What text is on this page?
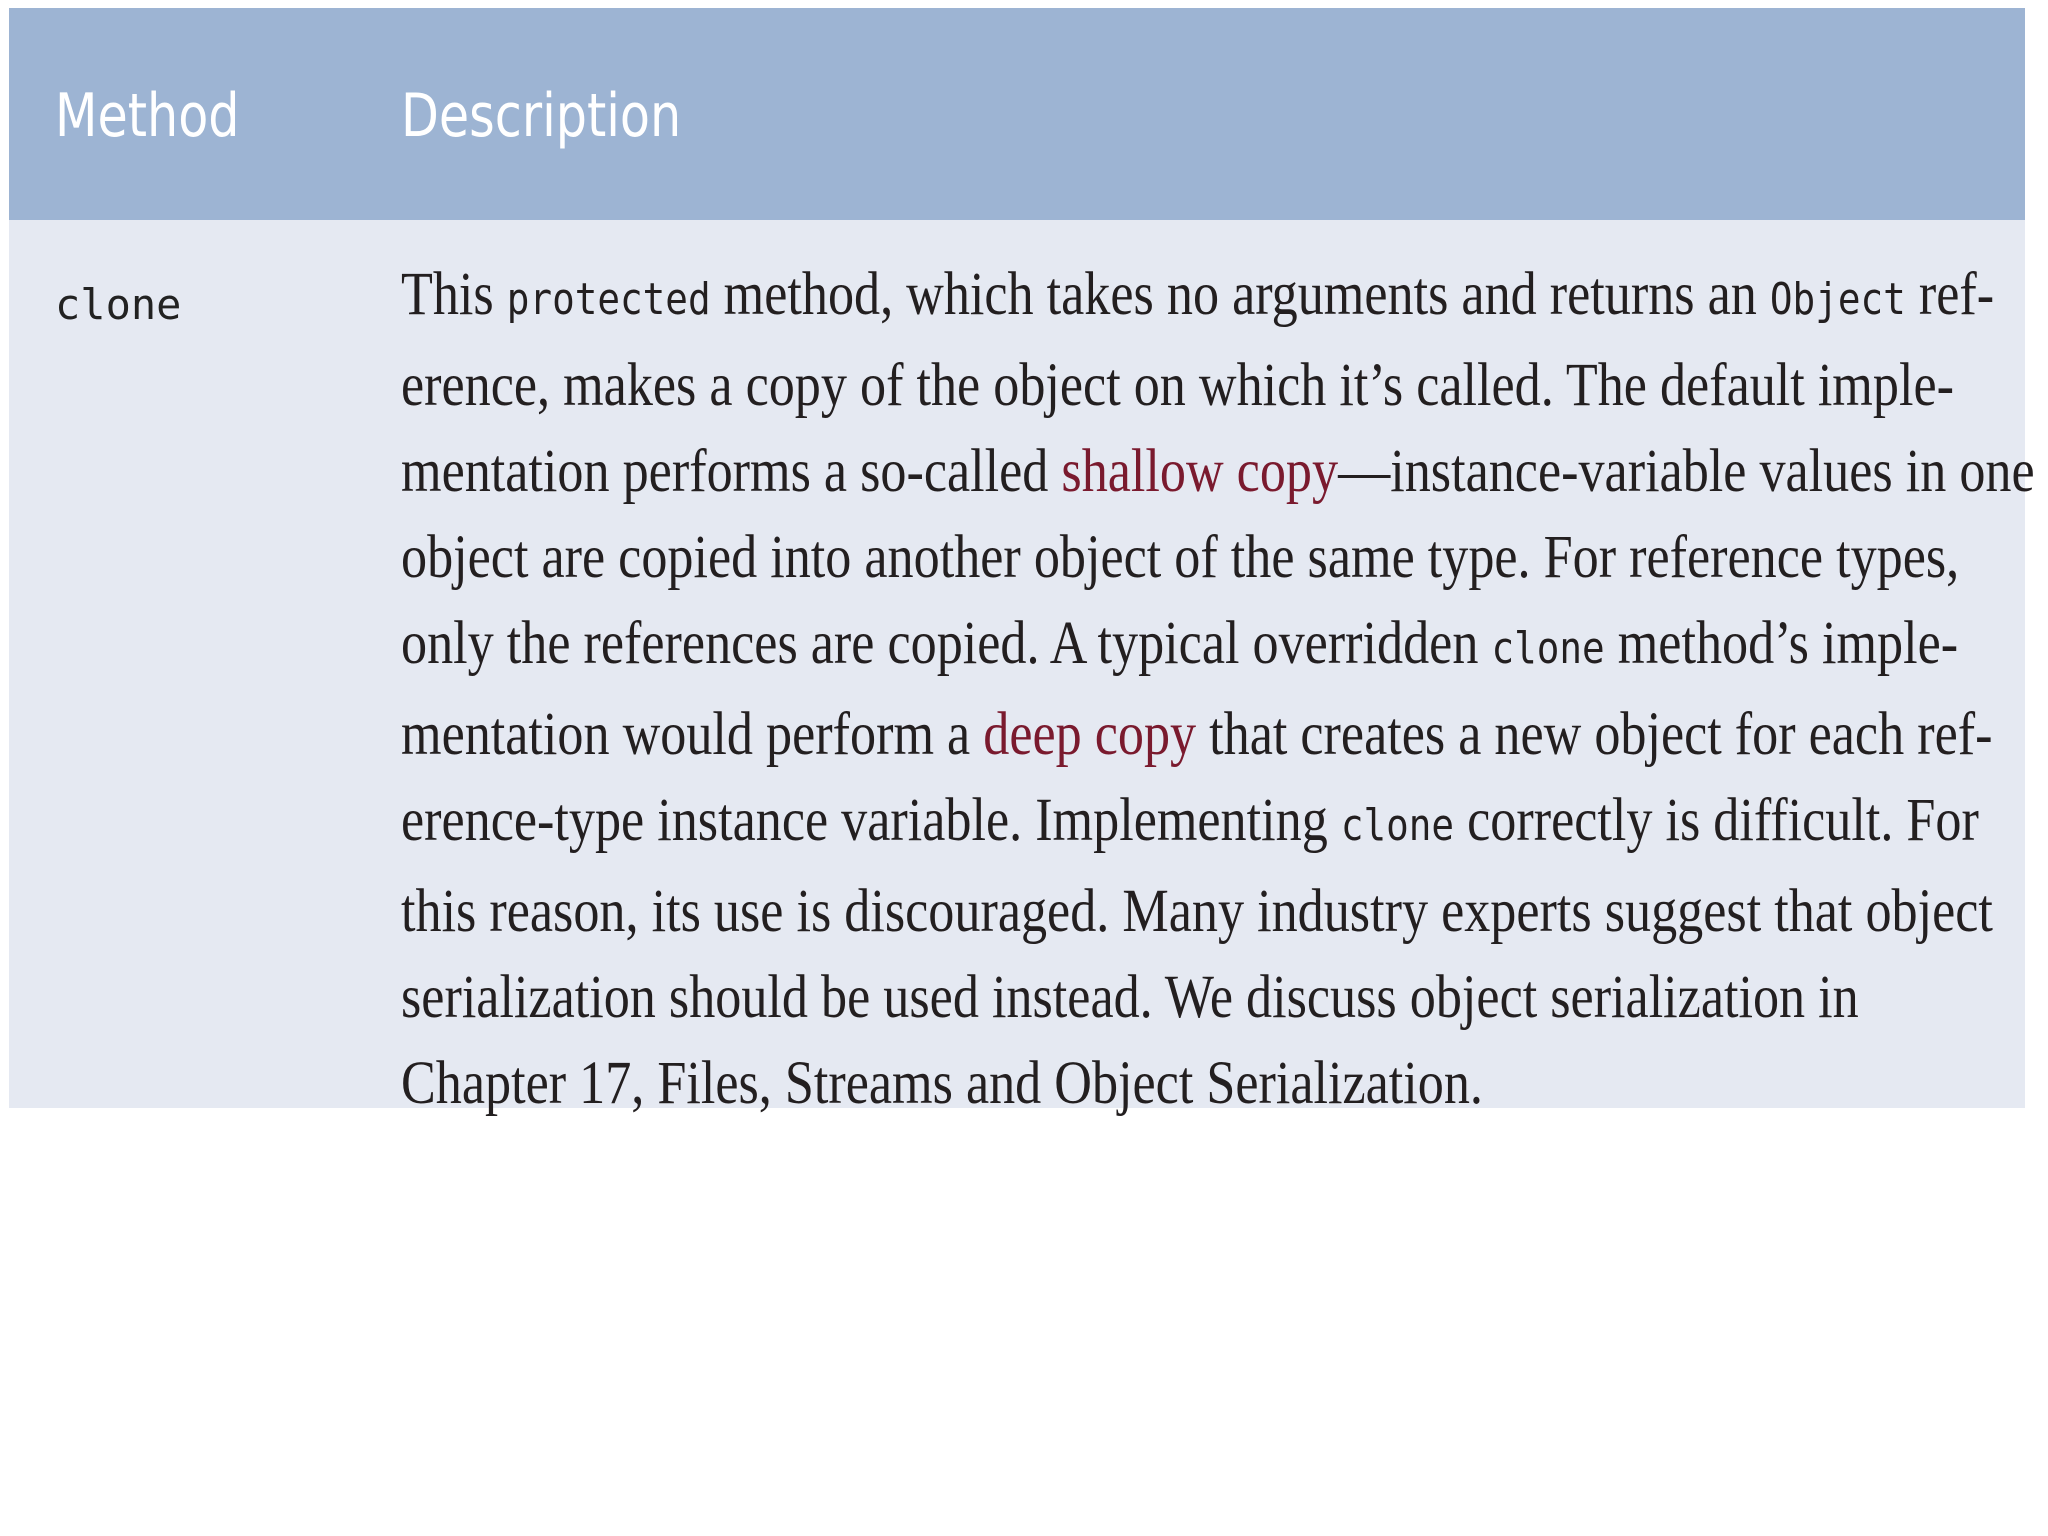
Method	Description
clone	This protected method, which takes no arguments and returns an Object ref-
erence, makes a copy of the object on which it’s called. The default imple-
mentation performs a so-called shallow copy—instance-variable values in one
object are copied into another object of the same type. For reference types,
only the references are copied. A typical overridden clone method’s imple-
mentation would perform a deep copy that creates a new object for each ref-
erence-type instance variable. Implementing clone correctly is difficult. For
this reason, its use is discouraged. Many industry experts suggest that object
serialization should be used instead. We discuss object serialization in
Chapter 17, Files, Streams and Object Serialization.
